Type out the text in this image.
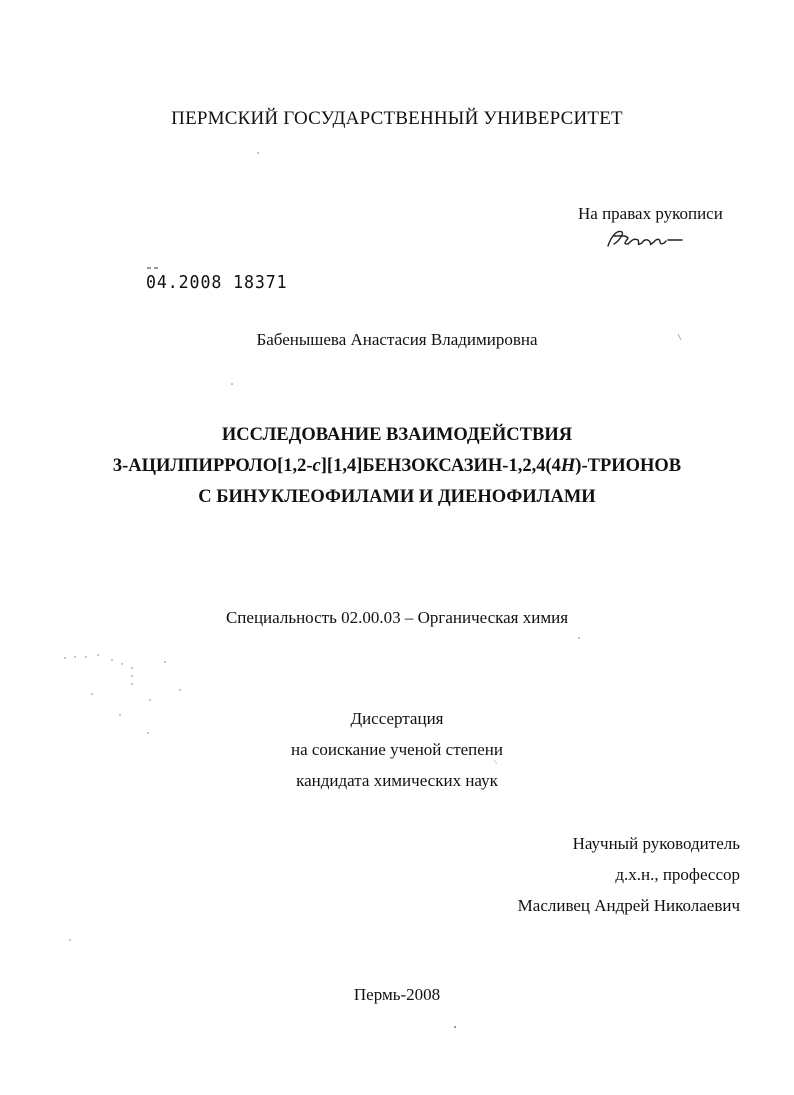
ПЕРМСКИЙ ГОСУДАРСТВЕННЫЙ УНИВЕРСИТЕТ
На правах рукописи
04.2008 18371
Бабенышева Анастасия Владимировна
ИССЛЕДОВАНИЕ ВЗАИМОДЕЙСТВИЯ
3-АЦИЛПИРРОЛО[1,2-c][1,4]БЕНЗОКСАЗИН-1,2,4(4H)-ТРИОНОВ
С БИНУКЛЕОФИЛАМИ И ДИЕНОФИЛАМИ
Специальность 02.00.03 – Органическая химия
Диссертация
на соискание ученой степени
кандидата химических наук
Научный руководитель
д.х.н., профессор
Масливец Андрей Николаевич
Пермь-2008
